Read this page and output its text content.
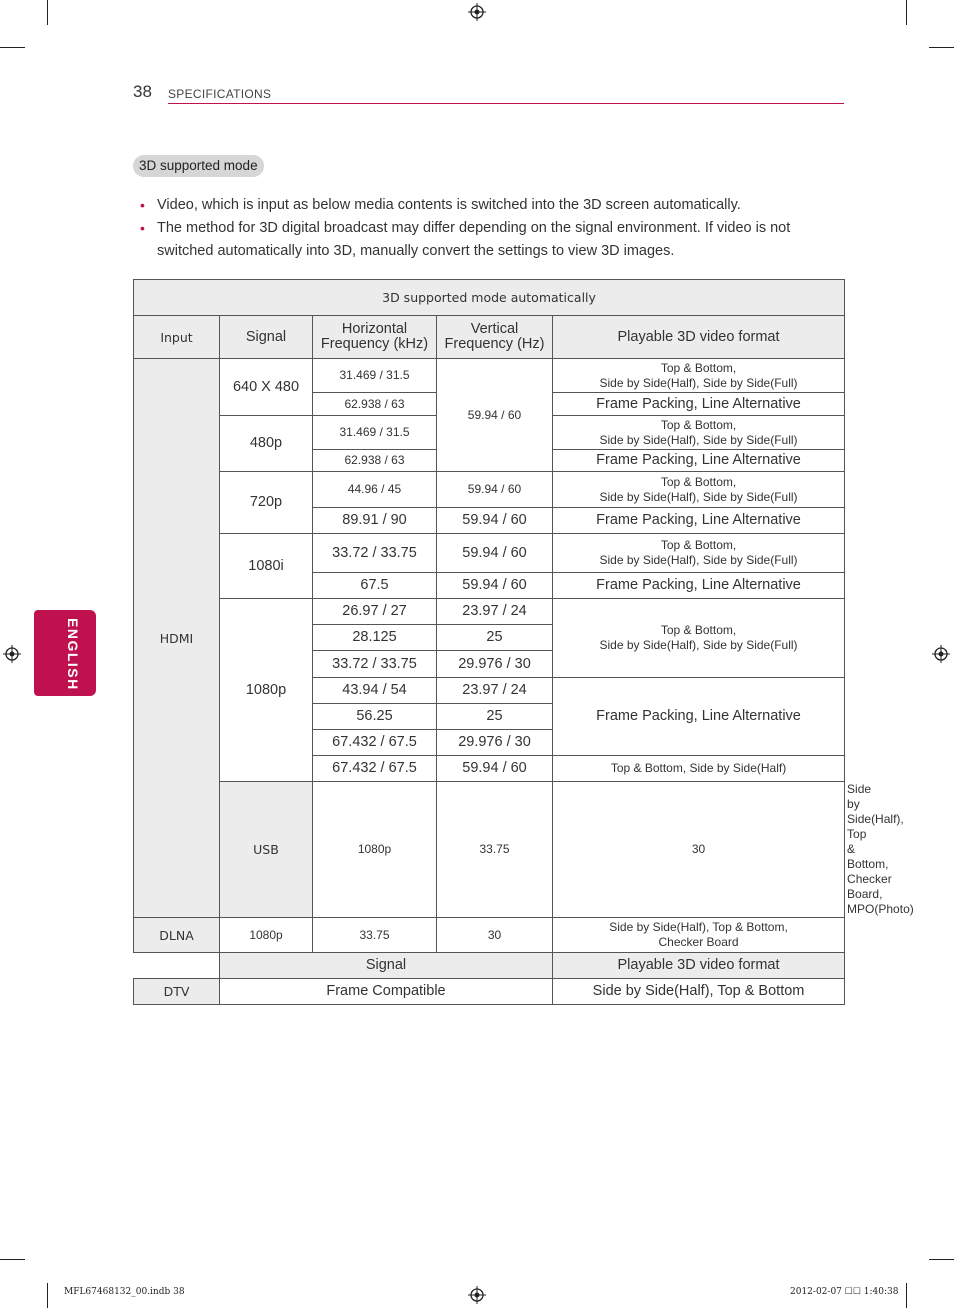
38 SPECIFICATIONS
ENGLISH
3D supported mode
• Video, which is input as below media contents is switched into the 3D screen automatically.
• The method for 3D digital broadcast may differ depending on the signal environment. If video is not switched automatically into 3D, manually convert the settings to view 3D images.
3D supported mode automatically					
Input	Signal	Horizontal Frequency (kHz)	Vertical Frequency (Hz)	Playable 3D video format	
HDMI	640 X 480	31.469 / 31.5	59.94 / 60	Top & Bottom,
Side by Side(Half), Side by Side(Full)	
		62.938 / 63		Frame Packing, Line Alternative	
	480p	31.469 / 31.5		Top & Bottom,
Side by Side(Half), Side by Side(Full)	
		62.938 / 63		Frame Packing, Line Alternative	
	720p	44.96 / 45	59.94 / 60	Top & Bottom,
Side by Side(Half), Side by Side(Full)	
		89.91 / 90	59.94 / 60	Frame Packing, Line Alternative	
	1080i	33.72 / 33.75	59.94 / 60	Top & Bottom,
Side by Side(Half), Side by Side(Full)	
		67.5	59.94 / 60	Frame Packing, Line Alternative	
	1080p	26.97 / 27	23.97 / 24	Top & Bottom,
Side by Side(Half), Side by Side(Full)	
		28.125	25		
		33.72 / 33.75	29.976 / 30		
		43.94 / 54	23.97 / 24	Frame Packing, Line Alternative	
		56.25	25		
		67.432 / 67.5	29.976 / 30		
		67.432 / 67.5	59.94 / 60	Top & Bottom, Side by Side(Half)	
	USB	1080p	33.75	30	Side by Side(Half), Top & Bottom,
Checker Board, MPO(Photo)
DLNA	1080p	33.75	30	Side by Side(Half), Top & Bottom,
Checker Board	
	Signal			Playable 3D video format	
DTV	Frame Compatible			Side by Side(Half), Top & Bottom	
MFL67468132_00.indb 38	2012-02-07 ☐☐ 1:40:38
